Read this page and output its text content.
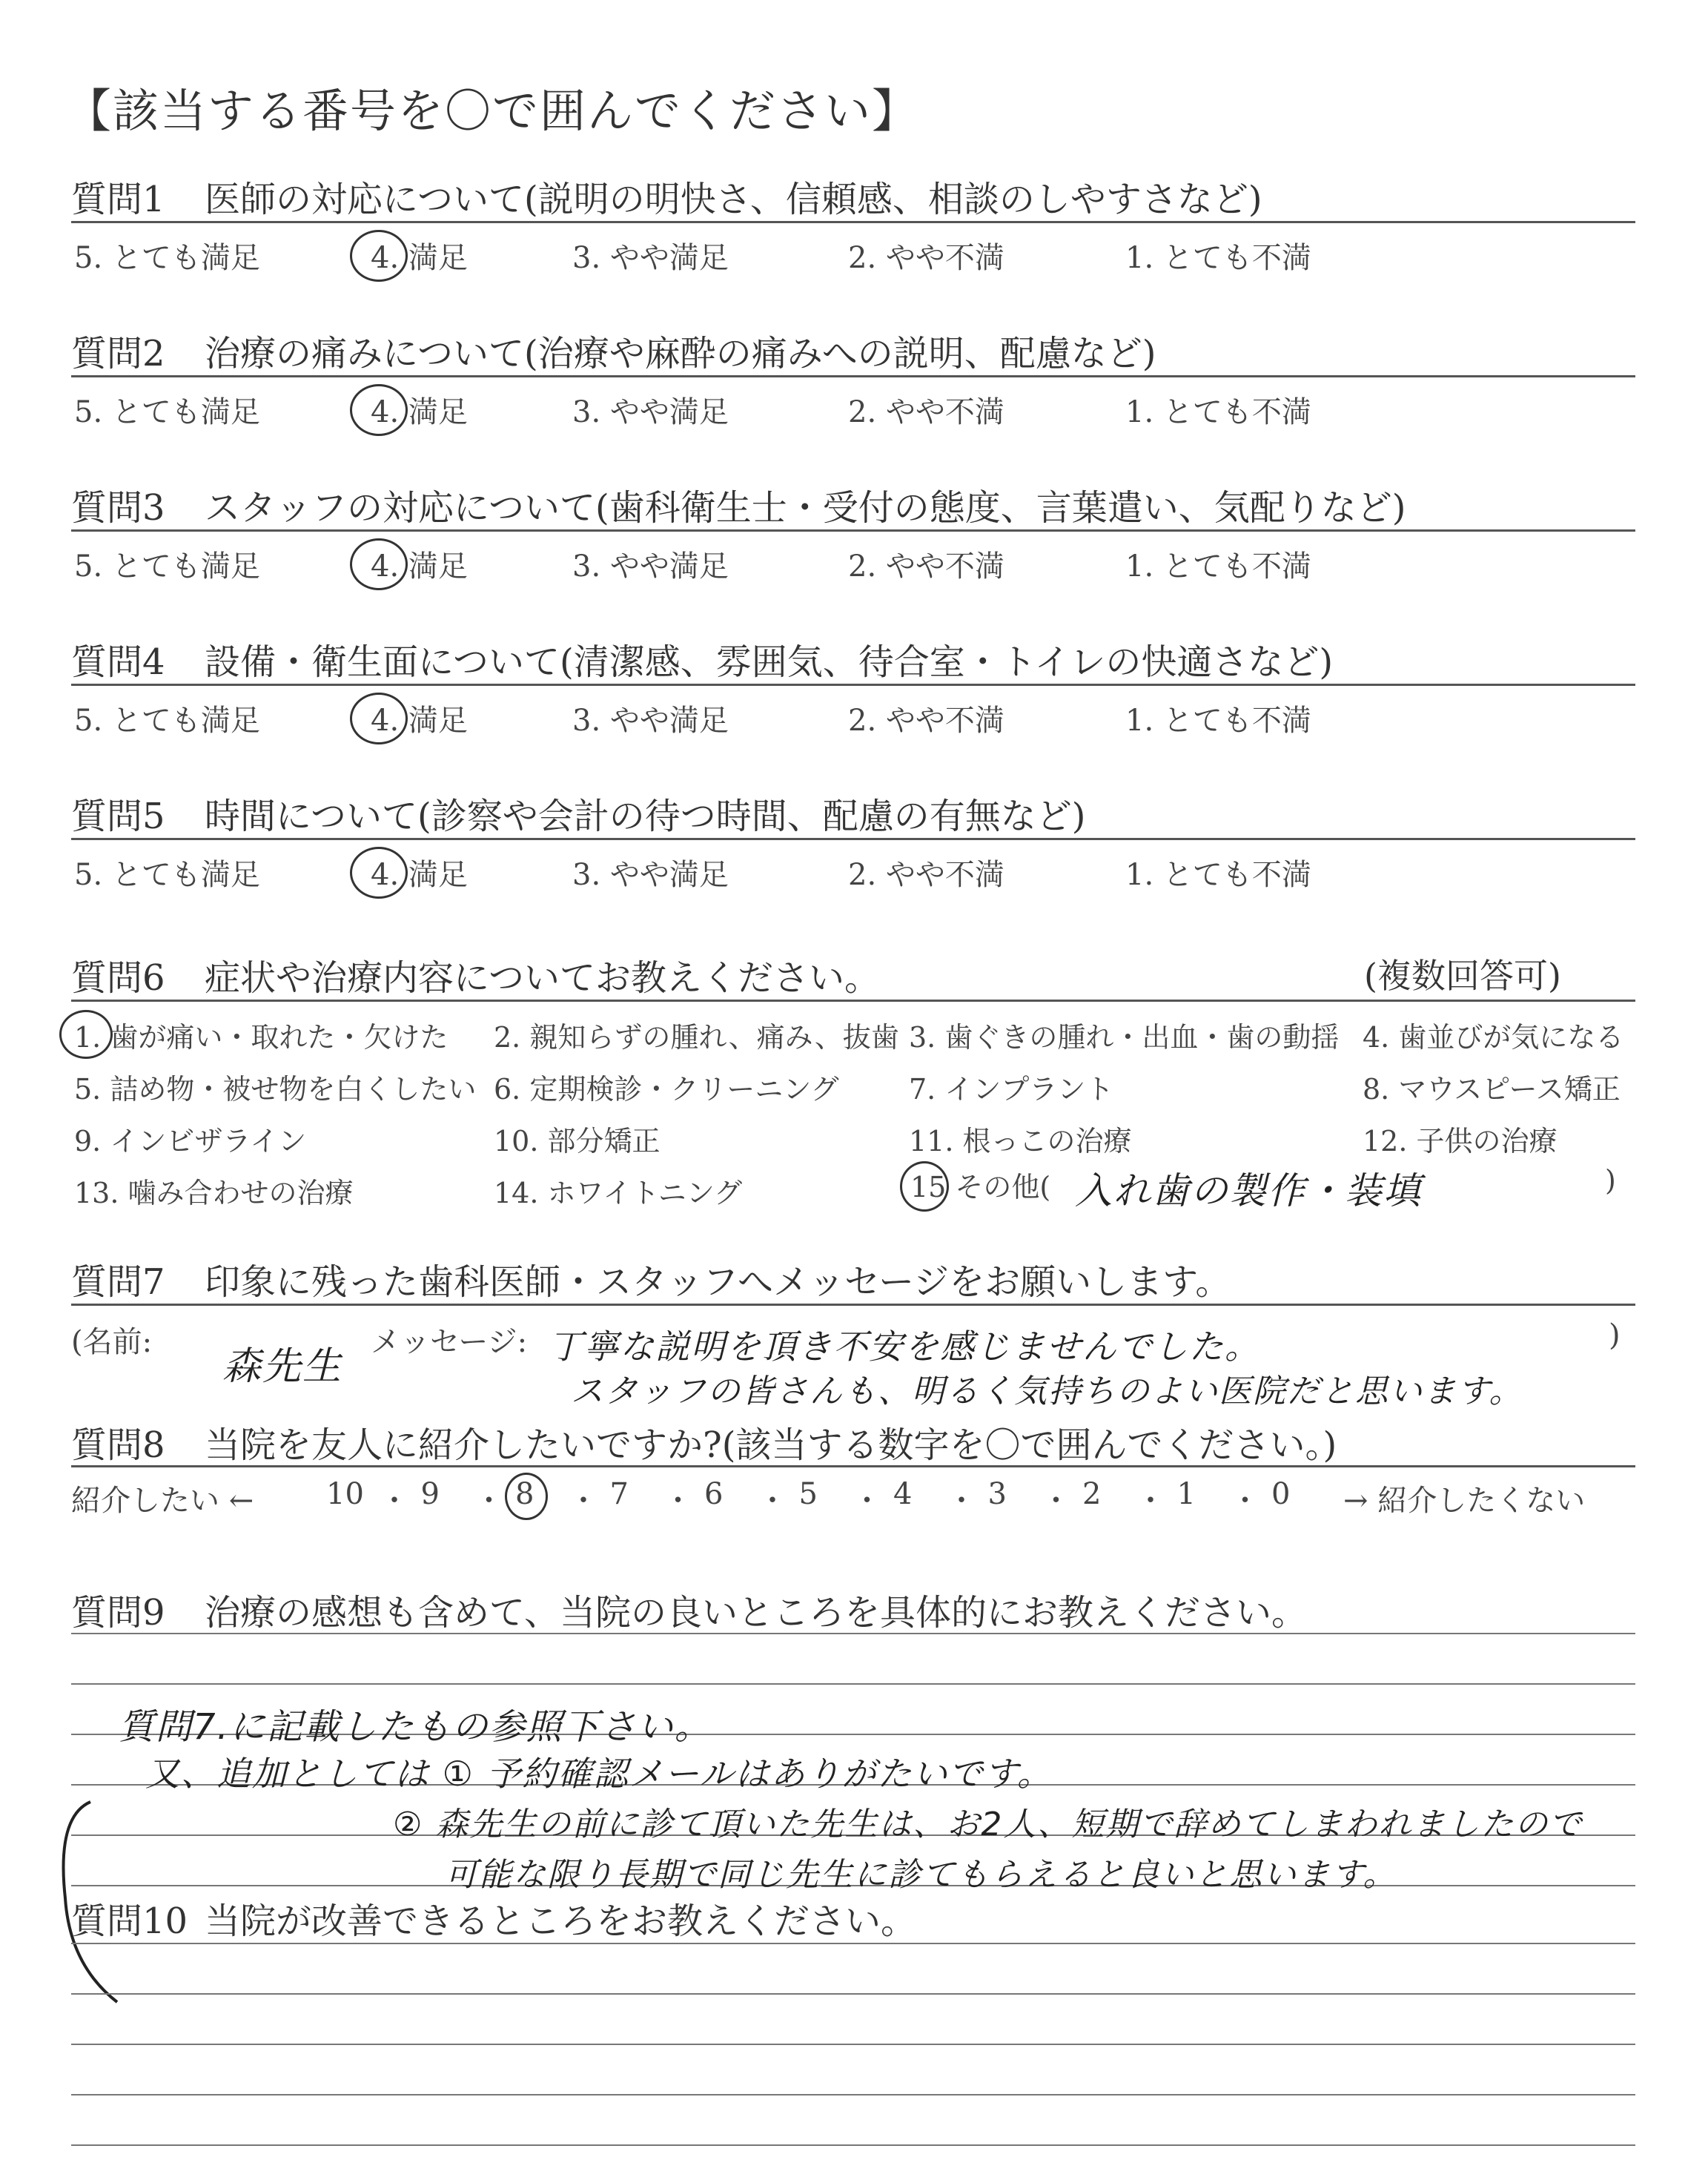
【該当する番号を〇で囲んでください】
質問1 医師の対応について(説明の明快さ、信頼感、相談のしやすさなど)
5. とても満足	4. 満足	3. やや満足	2. やや不満	1. とても不満
質問2 治療の痛みについて(治療や麻酔の痛みへの説明、配慮など)
5. とても満足	4. 満足	3. やや満足	2. やや不満	1. とても不満
質問3 スタッフの対応について(歯科衛生士・受付の態度、言葉遣い、気配りなど)
5. とても満足	4. 満足	3. やや満足	2. やや不満	1. とても不満
質問4 設備・衛生面について(清潔感、雰囲気、待合室・トイレの快適さなど)
5. とても満足	4. 満足	3. やや満足	2. やや不満	1. とても不満
質問5 時間について(診察や会計の待つ時間、配慮の有無など)
5. とても満足	4. 満足	3. やや満足	2. やや不満	1. とても不満
質問6 症状や治療内容についてお教えください。	(複数回答可)
1. 歯が痛い・取れた・欠けた 2. 親知らずの腫れ、痛み、抜歯 3. 歯ぐきの腫れ・出血・歯の動揺 4. 歯並びが気になる
5. 詰め物・被せ物を白くしたい 6. 定期検診・クリーニング 7. インプラント	8. マウスピース矯正
9. インビザライン	10. 部分矯正	11. 根っこの治療	12. 子供の治療
13. 噛み合わせの治療	14. ホワイトニング	15 その他( 入れ歯の製作・装填	)
質問7 印象に残った歯科医師・スタッフへメッセージをお願いします。
(名前:
森先生
メッセージ: 丁寧な説明を頂き不安を感じませんでした。
スタッフの皆さんも、明るく気持ちのよい医院だと思います。
)
質問8 当院を友人に紹介したいですか?(該当する数字を〇で囲んでください。)
紹介したい ← 10 ・ 9 ・ 8 ・ 7 ・ 6 ・ 5 ・ 4 ・ 3 ・ 2 ・ 1 ・ 0 → 紹介したくない
質問9 治療の感想も含めて、当院の良いところを具体的にお教えください。
質問7.に記載したもの参照下さい。
又、追加としては ① 予約確認メールはありがたいです。
② 森先生の前に診て頂いた先生は、お2人、短期で辞めてしまわれましたので
可能な限り長期で同じ先生に診てもらえると良いと思います。
質問10 当院が改善できるところをお教えください。
